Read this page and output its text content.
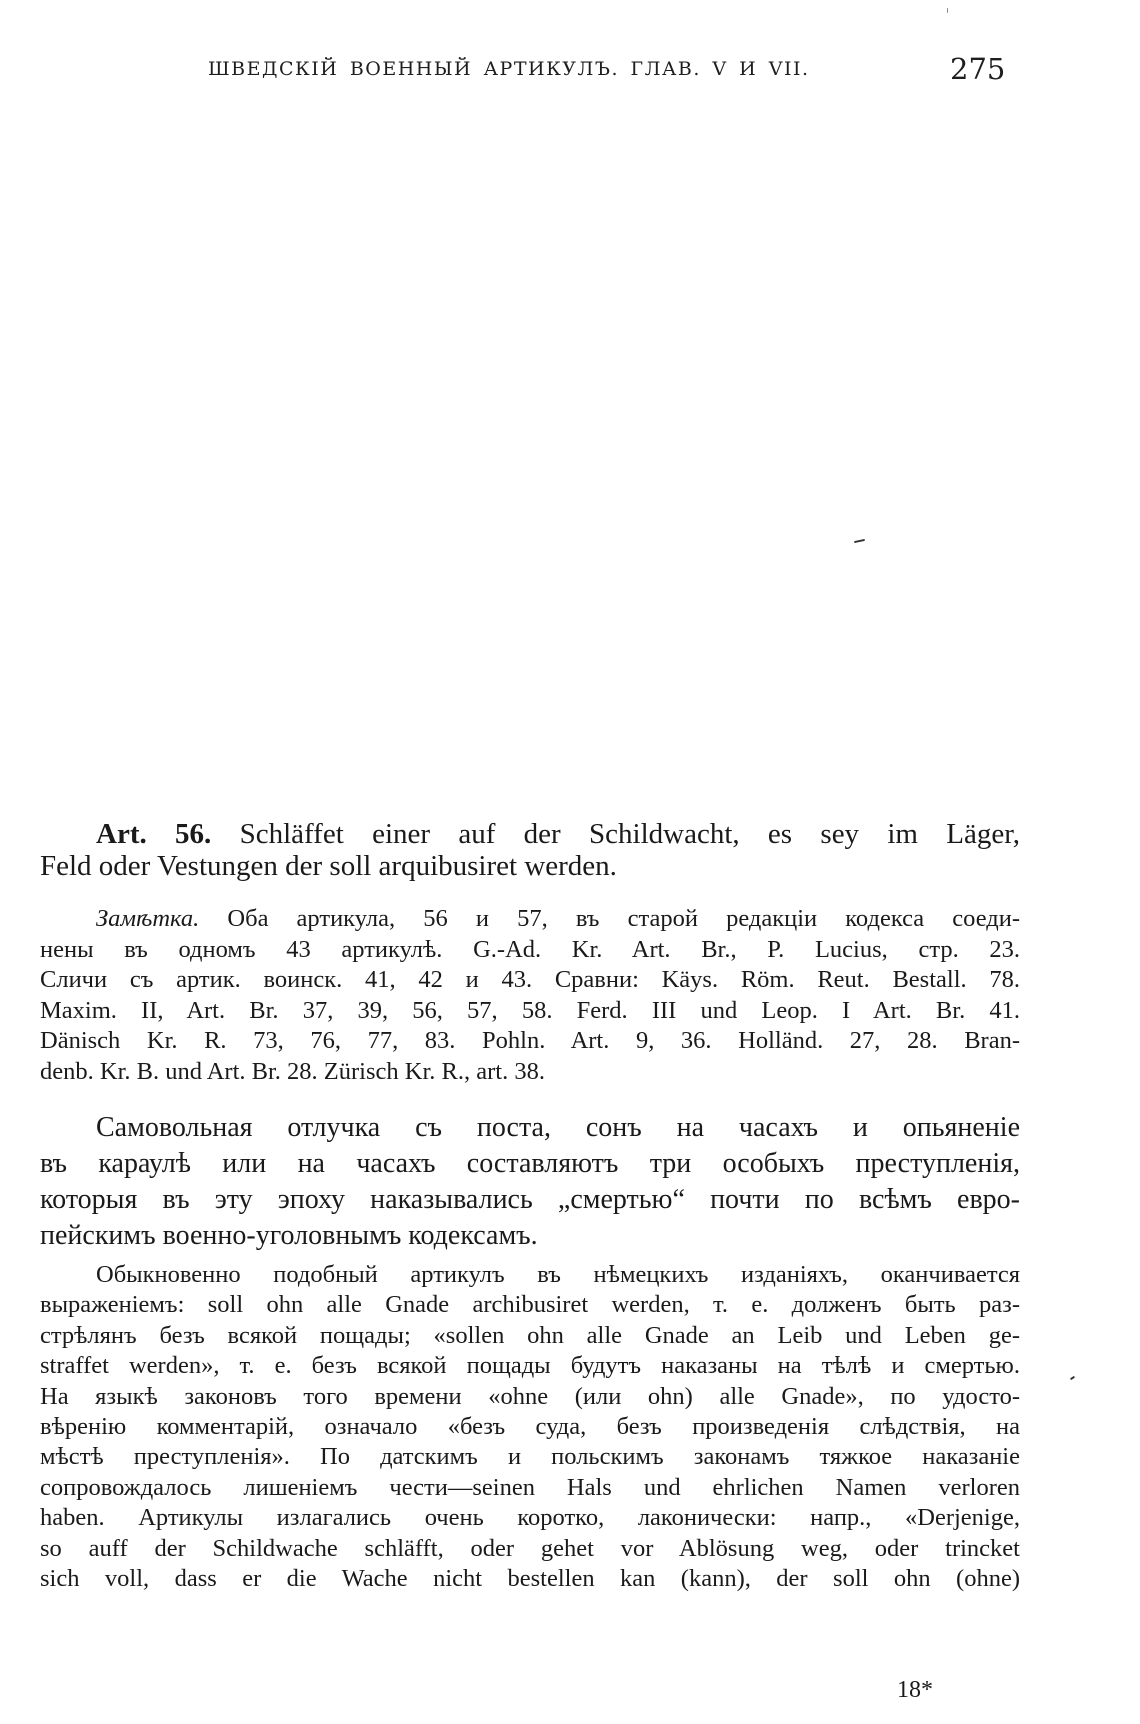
ШВЕДСКІЙ ВОЕННЫЙ АРТИКУЛЪ. ГЛАВ. V И VII.	275
Art. 56. Schläffet einer auf der Schildwacht, es sey im Läger,
Feld oder Vestungen der soll arquibusiret werden.
Замѣтка. Оба артикула, 56 и 57, въ старой редакціи кодекса соеди-
нены въ одномъ 43 артикулѣ. G.-Ad. Kr. Art. Br., P. Lucius, стр. 23.
Сличи съ артик. воинск. 41, 42 и 43. Сравни: Käys. Röm. Reut. Bestall. 78.
Maxim. II, Art. Br. 37, 39, 56, 57, 58. Ferd. III und Leop. I Art. Br. 41.
Dänisch Kr. R. 73, 76, 77, 83. Pohln. Art. 9, 36. Holländ. 27, 28. Bran-
denb. Kr. B. und Art. Br. 28. Zürisch Kr. R., art. 38.
Самовольная отлучка съ поста, сонъ на часахъ и опьяненіе
въ караулѣ или на часахъ составляютъ три особыхъ преступленія,
которыя въ эту эпоху наказывались „смертью“ почти по всѣмъ евро-
пейскимъ военно-уголовнымъ кодексамъ.
Обыкновенно подобный артикулъ въ нѣмецкихъ изданіяхъ, оканчивается
выраженіемъ: soll ohn alle Gnade archibusiret werden, т. е. долженъ быть раз-
стрѣлянъ безъ всякой пощады; «sollen ohn alle Gnade an Leib und Leben ge-
straffet werden», т. е. безъ всякой пощады будутъ наказаны на тѣлѣ и смертью.
На языкѣ законовъ того времени «ohne (или ohn) alle Gnade», по удосто-
вѣренію комментарій, означало «безъ суда, безъ произведенія слѣдствія, на
мѣстѣ преступленія». По датскимъ и польскимъ законамъ тяжкое наказаніе
сопровождалось лишеніемъ чести—seinen Hals und ehrlichen Namen verloren
haben. Артикулы излагались очень коротко, лаконически: напр., «Derjenige,
so auff der Schildwache schläfft, oder gehet vor Ablösung weg, oder trincket
sich voll, dass er die Wache nicht bestellen kan (kann), der soll ohn (ohne)
18*
